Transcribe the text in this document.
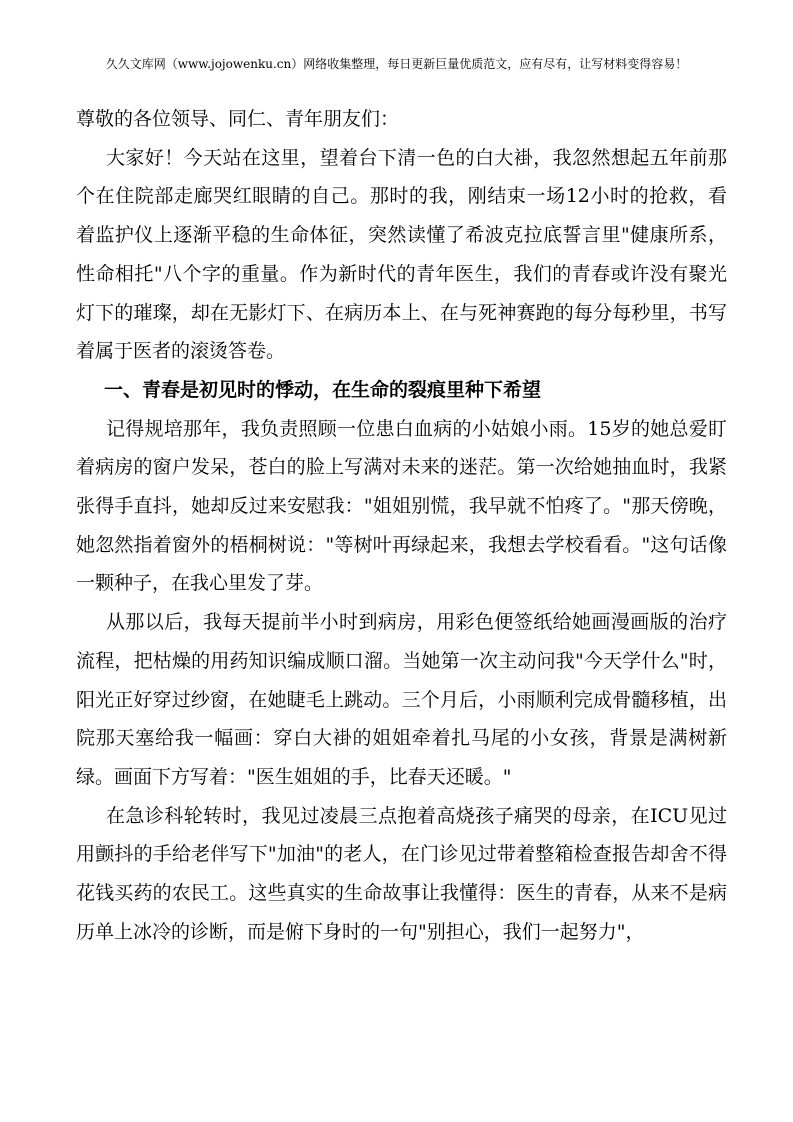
久久文库网（www.jojowenku.cn）网络收集整理，每日更新巨量优质范文，应有尽有，让写材料变得容易！

尊敬的各位领导、同仁、青年朋友们：

大家好！今天站在这里，望着台下清一色的白大褂，我忽然想起五年前那个在住院部走廊哭红眼睛的自己。那时的我，刚结束一场12小时的抢救，看着监护仪上逐渐平稳的生命体征，突然读懂了希波克拉底誓言里"健康所系，性命相托"八个字的重量。作为新时代的青年医生，我们的青春或许没有聚光灯下的璀璨，却在无影灯下、在病历本上、在与死神赛跑的每分每秒里，书写着属于医者的滚烫答卷。

一、青春是初见时的悸动，在生命的裂痕里种下希望

记得规培那年，我负责照顾一位患白血病的小姑娘小雨。15岁的她总爱盯着病房的窗户发呆，苍白的脸上写满对未来的迷茫。第一次给她抽血时，我紧张得手直抖，她却反过来安慰我："姐姐别慌，我早就不怕疼了。"那天傍晚，她忽然指着窗外的梧桐树说："等树叶再绿起来，我想去学校看看。"这句话像一颗种子，在我心里发了芽。

从那以后，我每天提前半小时到病房，用彩色便签纸给她画漫画版的治疗流程，把枯燥的用药知识编成顺口溜。当她第一次主动问我"今天学什么"时，阳光正好穿过纱窗，在她睫毛上跳动。三个月后，小雨顺利完成骨髓移植，出院那天塞给我一幅画：穿白大褂的姐姐牵着扎马尾的小女孩，背景是满树新绿。画面下方写着："医生姐姐的手，比春天还暖。"

在急诊科轮转时，我见过凌晨三点抱着高烧孩子痛哭的母亲，在ICU见过用颤抖的手给老伴写下"加油"的老人，在门诊见过带着整箱检查报告却舍不得花钱买药的农民工。这些真实的生命故事让我懂得：医生的青春，从来不是病历单上冰冷的诊断，而是俯下身时的一句"别担心，我们一起努力"，
